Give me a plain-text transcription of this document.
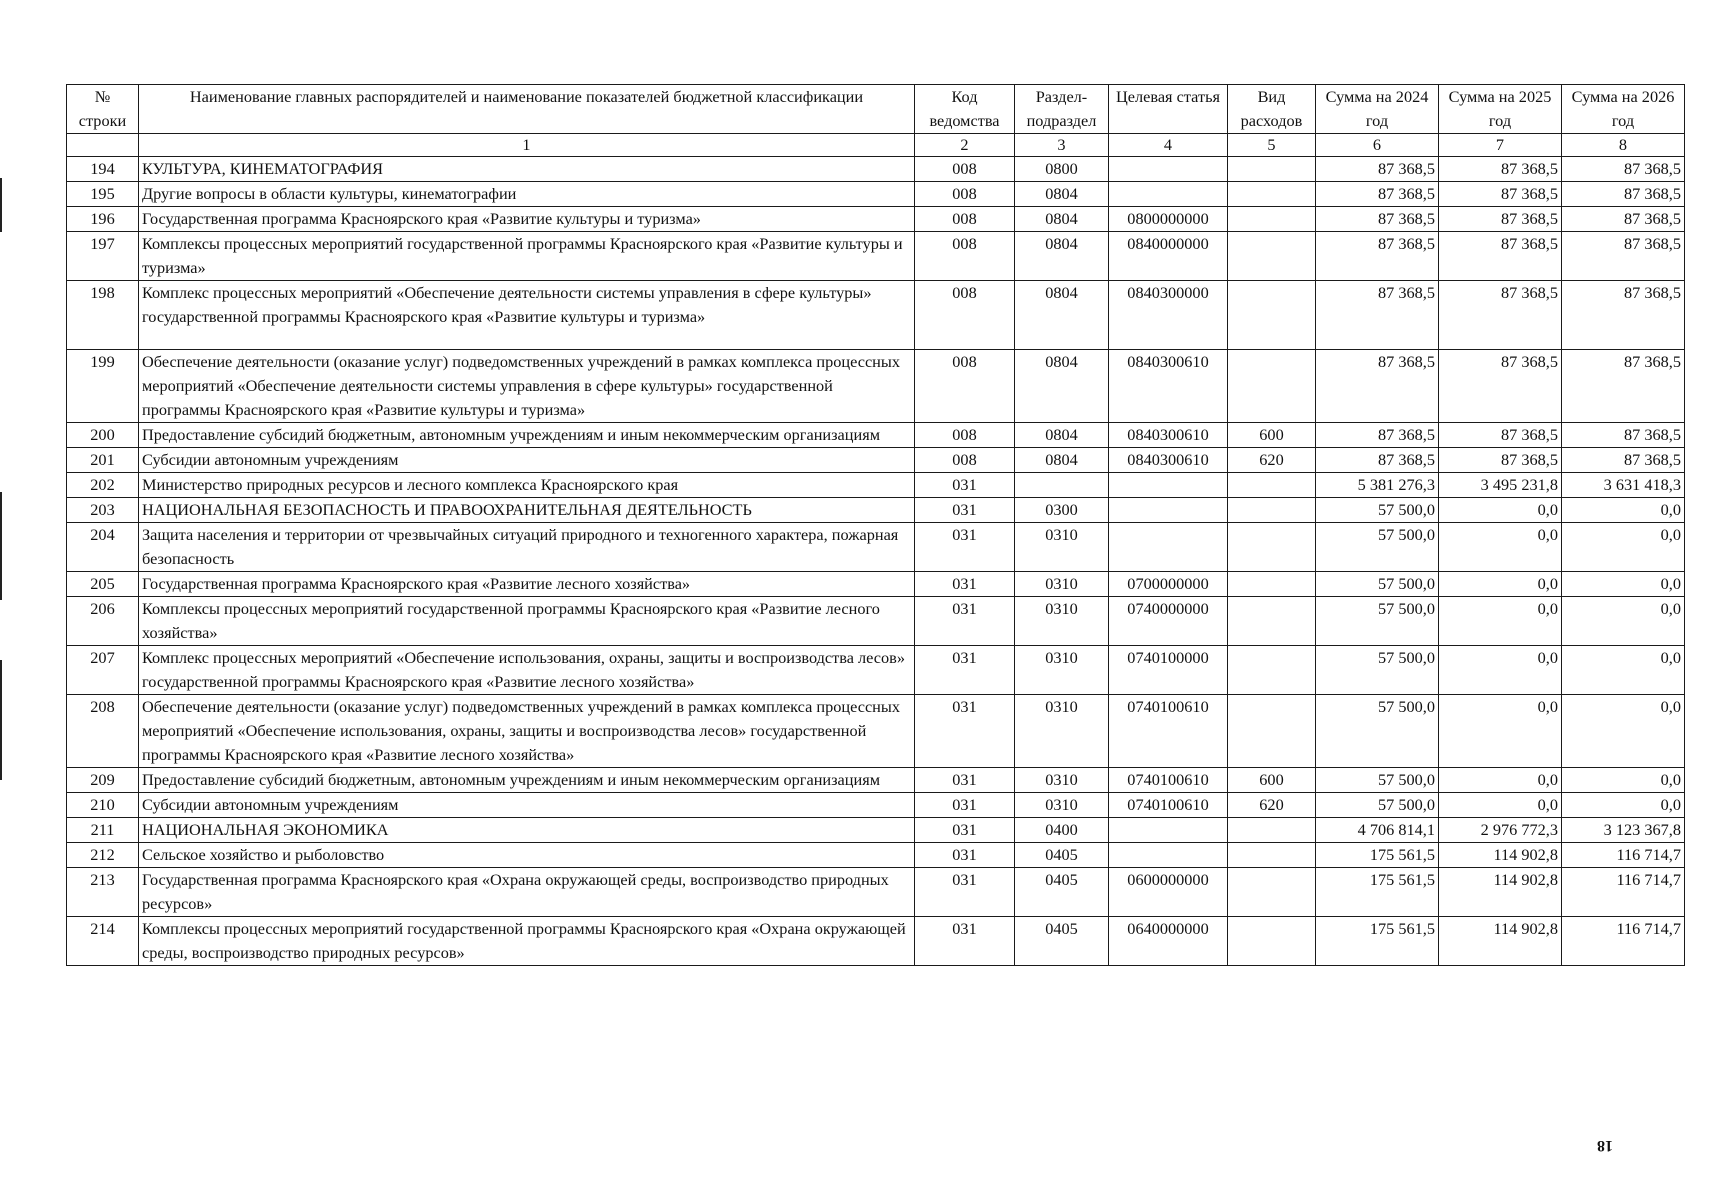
№ строки	Наименование главных распорядителей и наименование показателей бюджетной классификации	Код ведомства	Раздел-подраздел	Целевая статья	Вид расходов	Сумма на 2024 год	Сумма на 2025 год	Сумма на 2026 год
	1	2	3	4	5	6	7	8
194	КУЛЬТУРА, КИНЕМАТОГРАФИЯ	008	0800			87 368,5	87 368,5	87 368,5
195	Другие вопросы в области культуры, кинематографии	008	0804			87 368,5	87 368,5	87 368,5
196	Государственная программа Красноярского края «Развитие культуры и туризма»	008	0804	0800000000		87 368,5	87 368,5	87 368,5
197	Комплексы процессных мероприятий государственной программы Красноярского края «Развитие культуры и туризма»	008	0804	0840000000		87 368,5	87 368,5	87 368,5
198	Комплекс процессных мероприятий «Обеспечение деятельности системы управления в сфере культуры» государственной программы Красноярского края «Развитие культуры и туризма»	008	0804	0840300000		87 368,5	87 368,5	87 368,5
199	Обеспечение деятельности (оказание услуг) подведомственных учреждений в рамках комплекса процессных мероприятий «Обеспечение деятельности системы управления в сфере культуры» государственной программы Красноярского края «Развитие культуры и туризма»	008	0804	0840300610		87 368,5	87 368,5	87 368,5
200	Предоставление субсидий бюджетным, автономным учреждениям и иным некоммерческим организациям	008	0804	0840300610	600	87 368,5	87 368,5	87 368,5
201	Субсидии автономным учреждениям	008	0804	0840300610	620	87 368,5	87 368,5	87 368,5
202	Министерство природных ресурсов и лесного комплекса Красноярского края	031				5 381 276,3	3 495 231,8	3 631 418,3
203	НАЦИОНАЛЬНАЯ БЕЗОПАСНОСТЬ И ПРАВООХРАНИТЕЛЬНАЯ ДЕЯТЕЛЬНОСТЬ	031	0300			57 500,0	0,0	0,0
204	Защита населения и территории от чрезвычайных ситуаций природного и техногенного характера, пожарная безопасность	031	0310			57 500,0	0,0	0,0
205	Государственная программа Красноярского края «Развитие лесного хозяйства»	031	0310	0700000000		57 500,0	0,0	0,0
206	Комплексы процессных мероприятий государственной программы Красноярского края «Развитие лесного хозяйства»	031	0310	0740000000		57 500,0	0,0	0,0
207	Комплекс процессных мероприятий «Обеспечение использования, охраны, защиты и воспроизводства лесов» государственной программы Красноярского края «Развитие лесного хозяйства»	031	0310	0740100000		57 500,0	0,0	0,0
208	Обеспечение деятельности (оказание услуг) подведомственных учреждений в рамках комплекса процессных мероприятий «Обеспечение использования, охраны, защиты и воспроизводства лесов» государственной программы Красноярского края «Развитие лесного хозяйства»	031	0310	0740100610		57 500,0	0,0	0,0
209	Предоставление субсидий бюджетным, автономным учреждениям и иным некоммерческим организациям	031	0310	0740100610	600	57 500,0	0,0	0,0
210	Субсидии автономным учреждениям	031	0310	0740100610	620	57 500,0	0,0	0,0
211	НАЦИОНАЛЬНАЯ ЭКОНОМИКА	031	0400			4 706 814,1	2 976 772,3	3 123 367,8
212	Сельское хозяйство и рыболовство	031	0405			175 561,5	114 902,8	116 714,7
213	Государственная программа Красноярского края «Охрана окружающей среды, воспроизводство природных ресурсов»	031	0405	0600000000		175 561,5	114 902,8	116 714,7
214	Комплексы процессных мероприятий государственной программы Красноярского края «Охрана окружающей среды, воспроизводство природных ресурсов»	031	0405	0640000000		175 561,5	114 902,8	116 714,7
18
